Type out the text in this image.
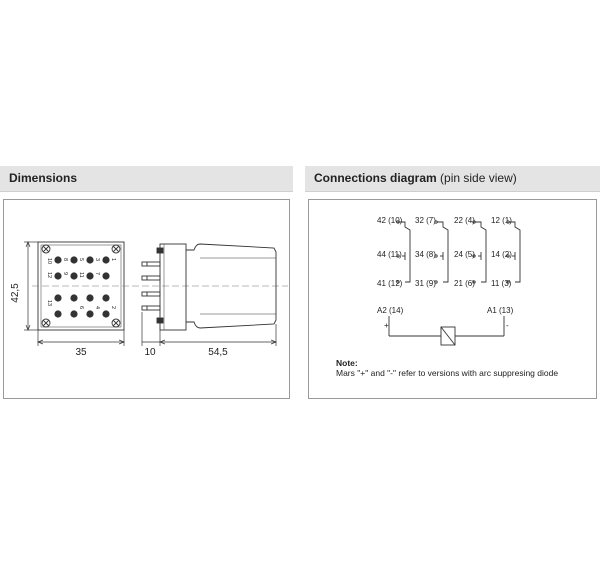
Dimensions
10 8 5 3
12 9 11 7
1
6 4 2
13
42,5
35	10	54,5
Connections diagram (pin side view)
42 (10)
44 (11)
41 (12)
32 (7)
34 (8)
31 (9)
22 (4)
24 (5)
21 (6)
12 (1)
14 (2)
11 (3)
A2 (14)	A1 (13)
+	-
Note:
Mars "+" and "-" refer to versions with arc suppresing diode
